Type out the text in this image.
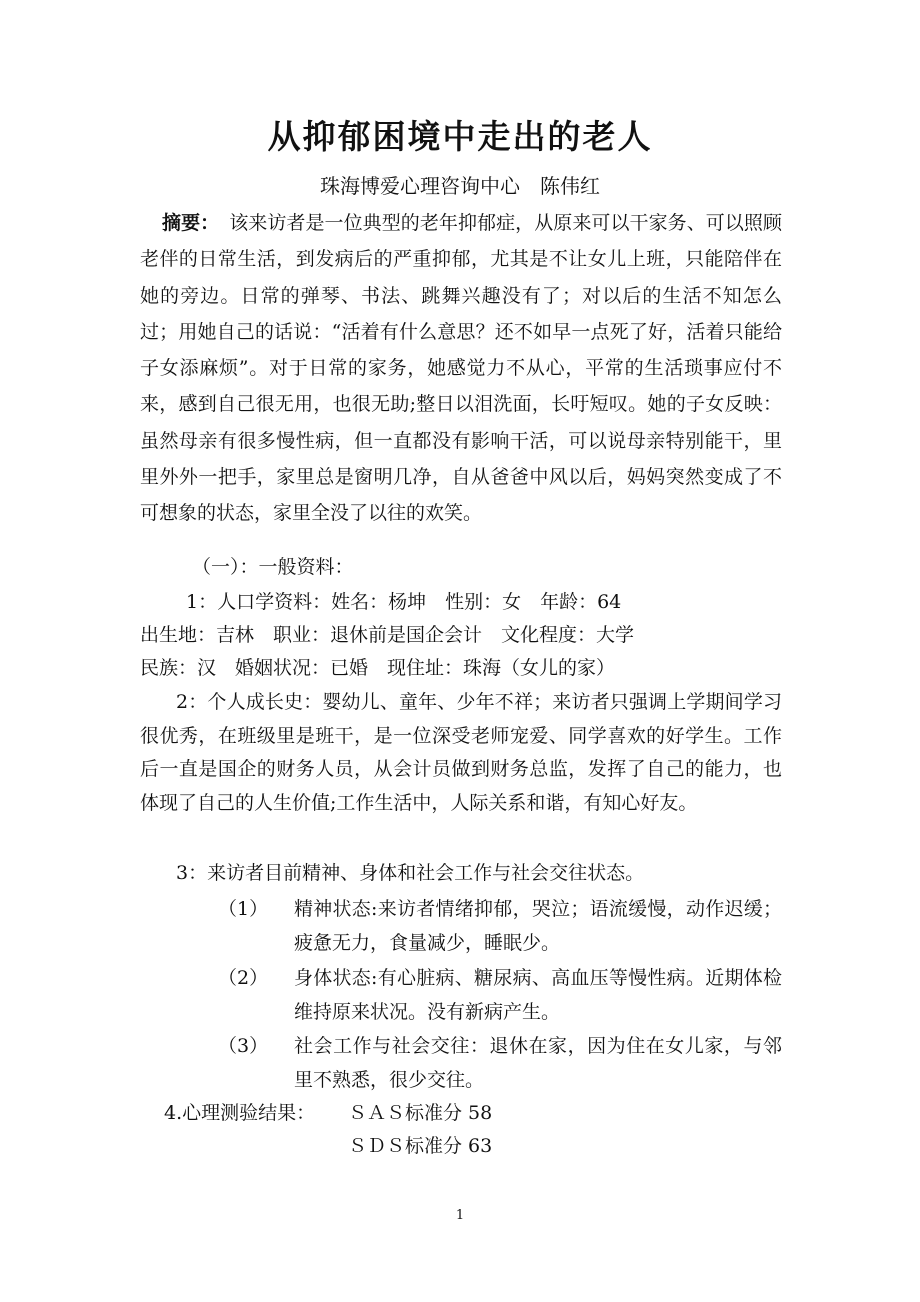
从抑郁困境中走出的老人
珠海博爱心理咨询中心　陈伟红

摘要： 该来访者是一位典型的老年抑郁症，从原来可以干家务、可以照顾老伴的日常生活，到发病后的严重抑郁，尤其是不让女儿上班，只能陪伴在她的旁边。日常的弹琴、书法、跳舞兴趣没有了；对以后的生活不知怎么过；用她自己的话说：“活着有什么意思？还不如早一点死了好，活着只能给子女添麻烦”。对于日常的家务，她感觉力不从心，平常的生活琐事应付不来，感到自己很无用，也很无助;整日以泪洗面，长吁短叹。她的子女反映：虽然母亲有很多慢性病，但一直都没有影响干活，可以说母亲特别能干，里里外外一把手，家里总是窗明几净，自从爸爸中风以后，妈妈突然变成了不可想象的状态，家里全没了以往的欢笑。

（一）：一般资料：
1：人口学资料：姓名：杨坤　性别：女　年龄：64
出生地：吉林　职业：退休前是国企会计　文化程度：大学
民族：汉　婚姻状况：已婚　现住址：珠海（女儿的家）

2：个人成长史：婴幼儿、童年、少年不祥；来访者只强调上学期间学习很优秀，在班级里是班干，是一位深受老师宠爱、同学喜欢的好学生。工作后一直是国企的财务人员，从会计员做到财务总监，发挥了自己的能力，也体现了自己的人生价值;工作生活中，人际关系和谐，有知心好友。

3：来访者目前精神、身体和社会工作与社会交往状态。
（1） 精神状态:来访者情绪抑郁，哭泣；语流缓慢，动作迟缓；疲惫无力，食量减少，睡眠少。
（2） 身体状态:有心脏病、糖尿病、高血压等慢性病。近期体检维持原来状况。没有新病产生。
（3） 社会工作与社会交往：退休在家，因为住在女儿家，与邻里不熟悉，很少交往。
4.心理测验结果： ＳＡＳ标准分 58
ＳＤＳ标准分 63
1
